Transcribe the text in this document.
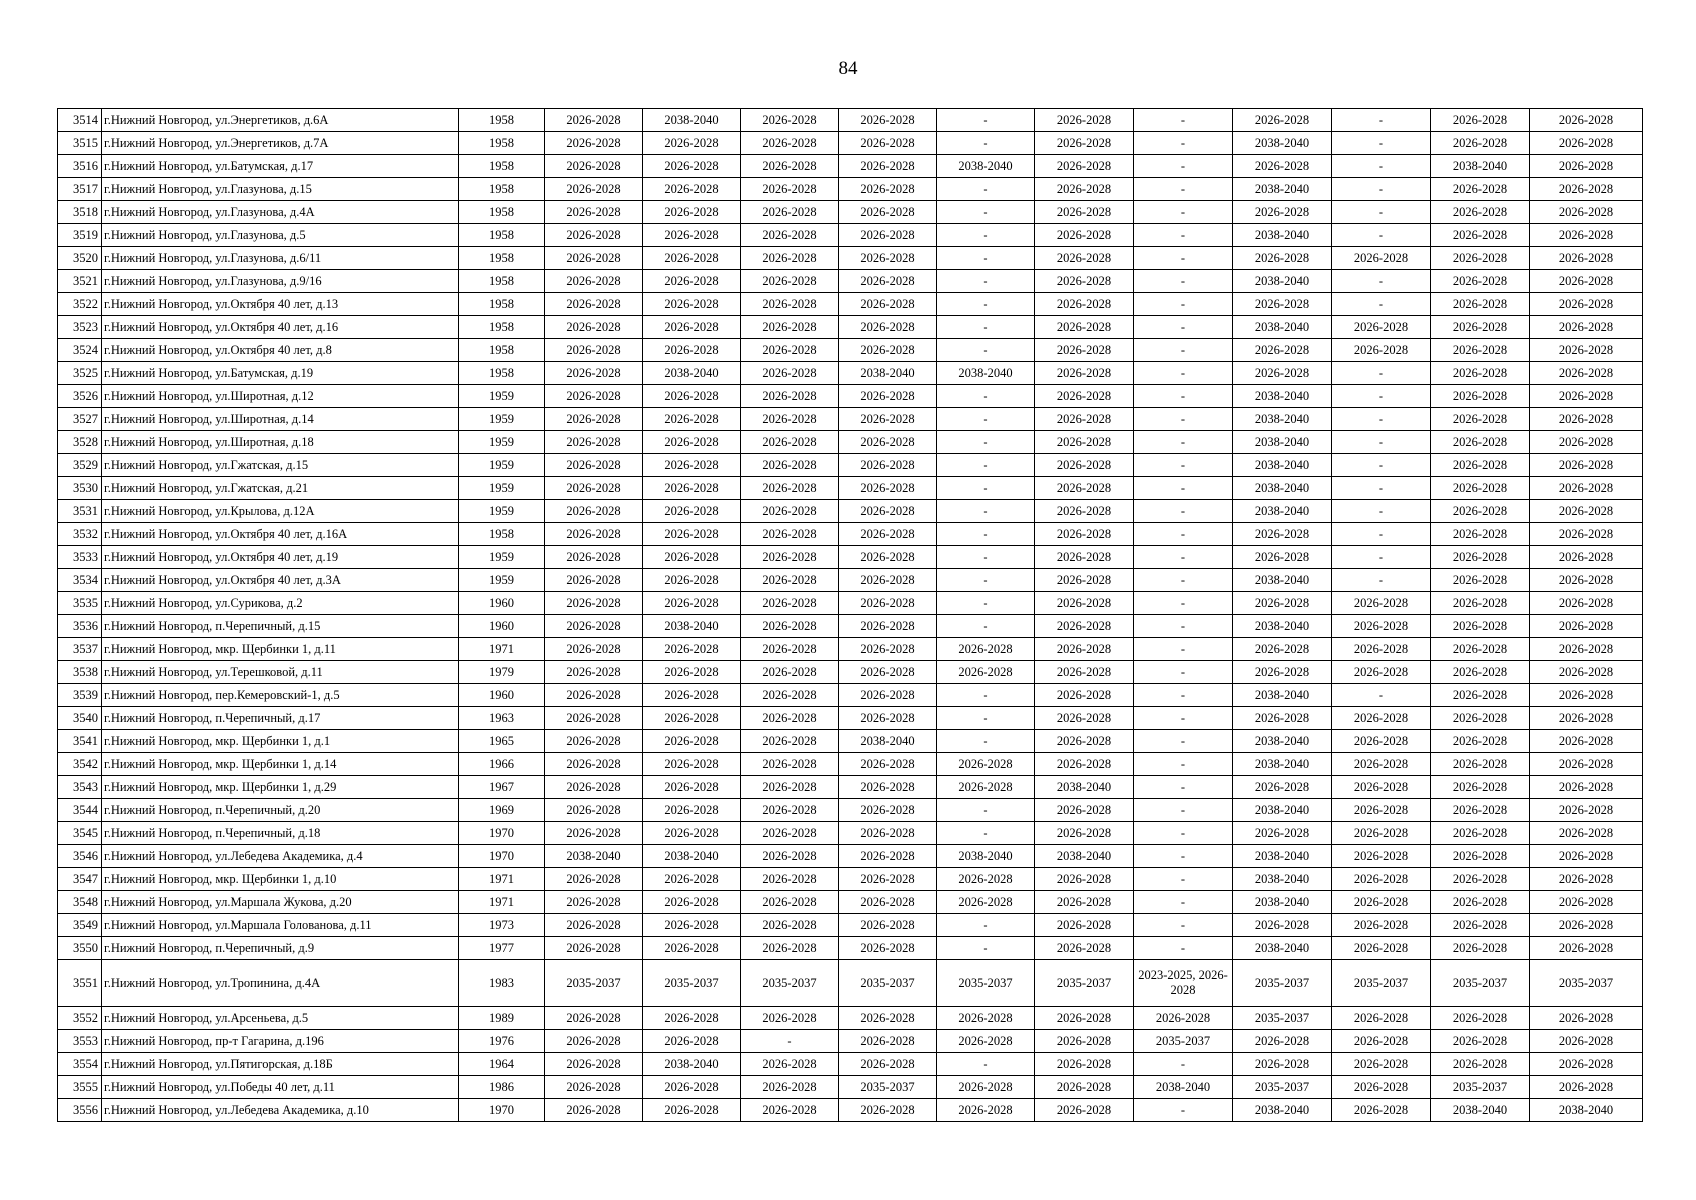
84
3514	г.Нижний Новгород, ул.Энергетиков, д.6А	1958	2026-2028	2038-2040	2026-2028	2026-2028	-	2026-2028	-	2026-2028	-	2026-2028	2026-2028
3515	г.Нижний Новгород, ул.Энергетиков, д.7А	1958	2026-2028	2026-2028	2026-2028	2026-2028	-	2026-2028	-	2038-2040	-	2026-2028	2026-2028
3516	г.Нижний Новгород, ул.Батумская, д.17	1958	2026-2028	2026-2028	2026-2028	2026-2028	2038-2040	2026-2028	-	2026-2028	-	2038-2040	2026-2028
3517	г.Нижний Новгород, ул.Глазунова, д.15	1958	2026-2028	2026-2028	2026-2028	2026-2028	-	2026-2028	-	2038-2040	-	2026-2028	2026-2028
3518	г.Нижний Новгород, ул.Глазунова, д.4А	1958	2026-2028	2026-2028	2026-2028	2026-2028	-	2026-2028	-	2026-2028	-	2026-2028	2026-2028
3519	г.Нижний Новгород, ул.Глазунова, д.5	1958	2026-2028	2026-2028	2026-2028	2026-2028	-	2026-2028	-	2038-2040	-	2026-2028	2026-2028
3520	г.Нижний Новгород, ул.Глазунова, д.6/11	1958	2026-2028	2026-2028	2026-2028	2026-2028	-	2026-2028	-	2026-2028	2026-2028	2026-2028	2026-2028
3521	г.Нижний Новгород, ул.Глазунова, д.9/16	1958	2026-2028	2026-2028	2026-2028	2026-2028	-	2026-2028	-	2038-2040	-	2026-2028	2026-2028
3522	г.Нижний Новгород, ул.Октября 40 лет, д.13	1958	2026-2028	2026-2028	2026-2028	2026-2028	-	2026-2028	-	2026-2028	-	2026-2028	2026-2028
3523	г.Нижний Новгород, ул.Октября 40 лет, д.16	1958	2026-2028	2026-2028	2026-2028	2026-2028	-	2026-2028	-	2038-2040	2026-2028	2026-2028	2026-2028
3524	г.Нижний Новгород, ул.Октября 40 лет, д.8	1958	2026-2028	2026-2028	2026-2028	2026-2028	-	2026-2028	-	2026-2028	2026-2028	2026-2028	2026-2028
3525	г.Нижний Новгород, ул.Батумская, д.19	1958	2026-2028	2038-2040	2026-2028	2038-2040	2038-2040	2026-2028	-	2026-2028	-	2026-2028	2026-2028
3526	г.Нижний Новгород, ул.Широтная, д.12	1959	2026-2028	2026-2028	2026-2028	2026-2028	-	2026-2028	-	2038-2040	-	2026-2028	2026-2028
3527	г.Нижний Новгород, ул.Широтная, д.14	1959	2026-2028	2026-2028	2026-2028	2026-2028	-	2026-2028	-	2038-2040	-	2026-2028	2026-2028
3528	г.Нижний Новгород, ул.Широтная, д.18	1959	2026-2028	2026-2028	2026-2028	2026-2028	-	2026-2028	-	2038-2040	-	2026-2028	2026-2028
3529	г.Нижний Новгород, ул.Гжатская, д.15	1959	2026-2028	2026-2028	2026-2028	2026-2028	-	2026-2028	-	2038-2040	-	2026-2028	2026-2028
3530	г.Нижний Новгород, ул.Гжатская, д.21	1959	2026-2028	2026-2028	2026-2028	2026-2028	-	2026-2028	-	2038-2040	-	2026-2028	2026-2028
3531	г.Нижний Новгород, ул.Крылова, д.12А	1959	2026-2028	2026-2028	2026-2028	2026-2028	-	2026-2028	-	2038-2040	-	2026-2028	2026-2028
3532	г.Нижний Новгород, ул.Октября 40 лет, д.16А	1958	2026-2028	2026-2028	2026-2028	2026-2028	-	2026-2028	-	2026-2028	-	2026-2028	2026-2028
3533	г.Нижний Новгород, ул.Октября 40 лет, д.19	1959	2026-2028	2026-2028	2026-2028	2026-2028	-	2026-2028	-	2026-2028	-	2026-2028	2026-2028
3534	г.Нижний Новгород, ул.Октября 40 лет, д.3А	1959	2026-2028	2026-2028	2026-2028	2026-2028	-	2026-2028	-	2038-2040	-	2026-2028	2026-2028
3535	г.Нижний Новгород, ул.Сурикова, д.2	1960	2026-2028	2026-2028	2026-2028	2026-2028	-	2026-2028	-	2026-2028	2026-2028	2026-2028	2026-2028
3536	г.Нижний Новгород, п.Черепичный, д.15	1960	2026-2028	2038-2040	2026-2028	2026-2028	-	2026-2028	-	2038-2040	2026-2028	2026-2028	2026-2028
3537	г.Нижний Новгород, мкр. Щербинки 1, д.11	1971	2026-2028	2026-2028	2026-2028	2026-2028	2026-2028	2026-2028	-	2026-2028	2026-2028	2026-2028	2026-2028
3538	г.Нижний Новгород, ул.Терешковой, д.11	1979	2026-2028	2026-2028	2026-2028	2026-2028	2026-2028	2026-2028	-	2026-2028	2026-2028	2026-2028	2026-2028
3539	г.Нижний Новгород, пер.Кемеровский-1, д.5	1960	2026-2028	2026-2028	2026-2028	2026-2028	-	2026-2028	-	2038-2040	-	2026-2028	2026-2028
3540	г.Нижний Новгород, п.Черепичный, д.17	1963	2026-2028	2026-2028	2026-2028	2026-2028	-	2026-2028	-	2026-2028	2026-2028	2026-2028	2026-2028
3541	г.Нижний Новгород, мкр. Щербинки 1, д.1	1965	2026-2028	2026-2028	2026-2028	2038-2040	-	2026-2028	-	2038-2040	2026-2028	2026-2028	2026-2028
3542	г.Нижний Новгород, мкр. Щербинки 1, д.14	1966	2026-2028	2026-2028	2026-2028	2026-2028	2026-2028	2026-2028	-	2038-2040	2026-2028	2026-2028	2026-2028
3543	г.Нижний Новгород, мкр. Щербинки 1, д.29	1967	2026-2028	2026-2028	2026-2028	2026-2028	2026-2028	2038-2040	-	2026-2028	2026-2028	2026-2028	2026-2028
3544	г.Нижний Новгород, п.Черепичный, д.20	1969	2026-2028	2026-2028	2026-2028	2026-2028	-	2026-2028	-	2038-2040	2026-2028	2026-2028	2026-2028
3545	г.Нижний Новгород, п.Черепичный, д.18	1970	2026-2028	2026-2028	2026-2028	2026-2028	-	2026-2028	-	2026-2028	2026-2028	2026-2028	2026-2028
3546	г.Нижний Новгород, ул.Лебедева Академика, д.4	1970	2038-2040	2038-2040	2026-2028	2026-2028	2038-2040	2038-2040	-	2038-2040	2026-2028	2026-2028	2026-2028
3547	г.Нижний Новгород, мкр. Щербинки 1, д.10	1971	2026-2028	2026-2028	2026-2028	2026-2028	2026-2028	2026-2028	-	2038-2040	2026-2028	2026-2028	2026-2028
3548	г.Нижний Новгород, ул.Маршала Жукова, д.20	1971	2026-2028	2026-2028	2026-2028	2026-2028	2026-2028	2026-2028	-	2038-2040	2026-2028	2026-2028	2026-2028
3549	г.Нижний Новгород, ул.Маршала Голованова, д.11	1973	2026-2028	2026-2028	2026-2028	2026-2028	-	2026-2028	-	2026-2028	2026-2028	2026-2028	2026-2028
3550	г.Нижний Новгород, п.Черепичный, д.9	1977	2026-2028	2026-2028	2026-2028	2026-2028	-	2026-2028	-	2038-2040	2026-2028	2026-2028	2026-2028
3551	г.Нижний Новгород, ул.Тропинина, д.4А	1983	2035-2037	2035-2037	2035-2037	2035-2037	2035-2037	2035-2037	2023-2025, 2026-2028	2035-2037	2035-2037	2035-2037	2035-2037
3552	г.Нижний Новгород, ул.Арсеньева, д.5	1989	2026-2028	2026-2028	2026-2028	2026-2028	2026-2028	2026-2028	2026-2028	2035-2037	2026-2028	2026-2028	2026-2028
3553	г.Нижний Новгород, пр-т Гагарина, д.196	1976	2026-2028	2026-2028	-	2026-2028	2026-2028	2026-2028	2035-2037	2026-2028	2026-2028	2026-2028	2026-2028
3554	г.Нижний Новгород, ул.Пятигорская, д.18Б	1964	2026-2028	2038-2040	2026-2028	2026-2028	-	2026-2028	-	2026-2028	2026-2028	2026-2028	2026-2028
3555	г.Нижний Новгород, ул.Победы 40 лет, д.11	1986	2026-2028	2026-2028	2026-2028	2035-2037	2026-2028	2026-2028	2038-2040	2035-2037	2026-2028	2035-2037	2026-2028
3556	г.Нижний Новгород, ул.Лебедева Академика, д.10	1970	2026-2028	2026-2028	2026-2028	2026-2028	2026-2028	2026-2028	-	2038-2040	2026-2028	2038-2040	2038-2040
